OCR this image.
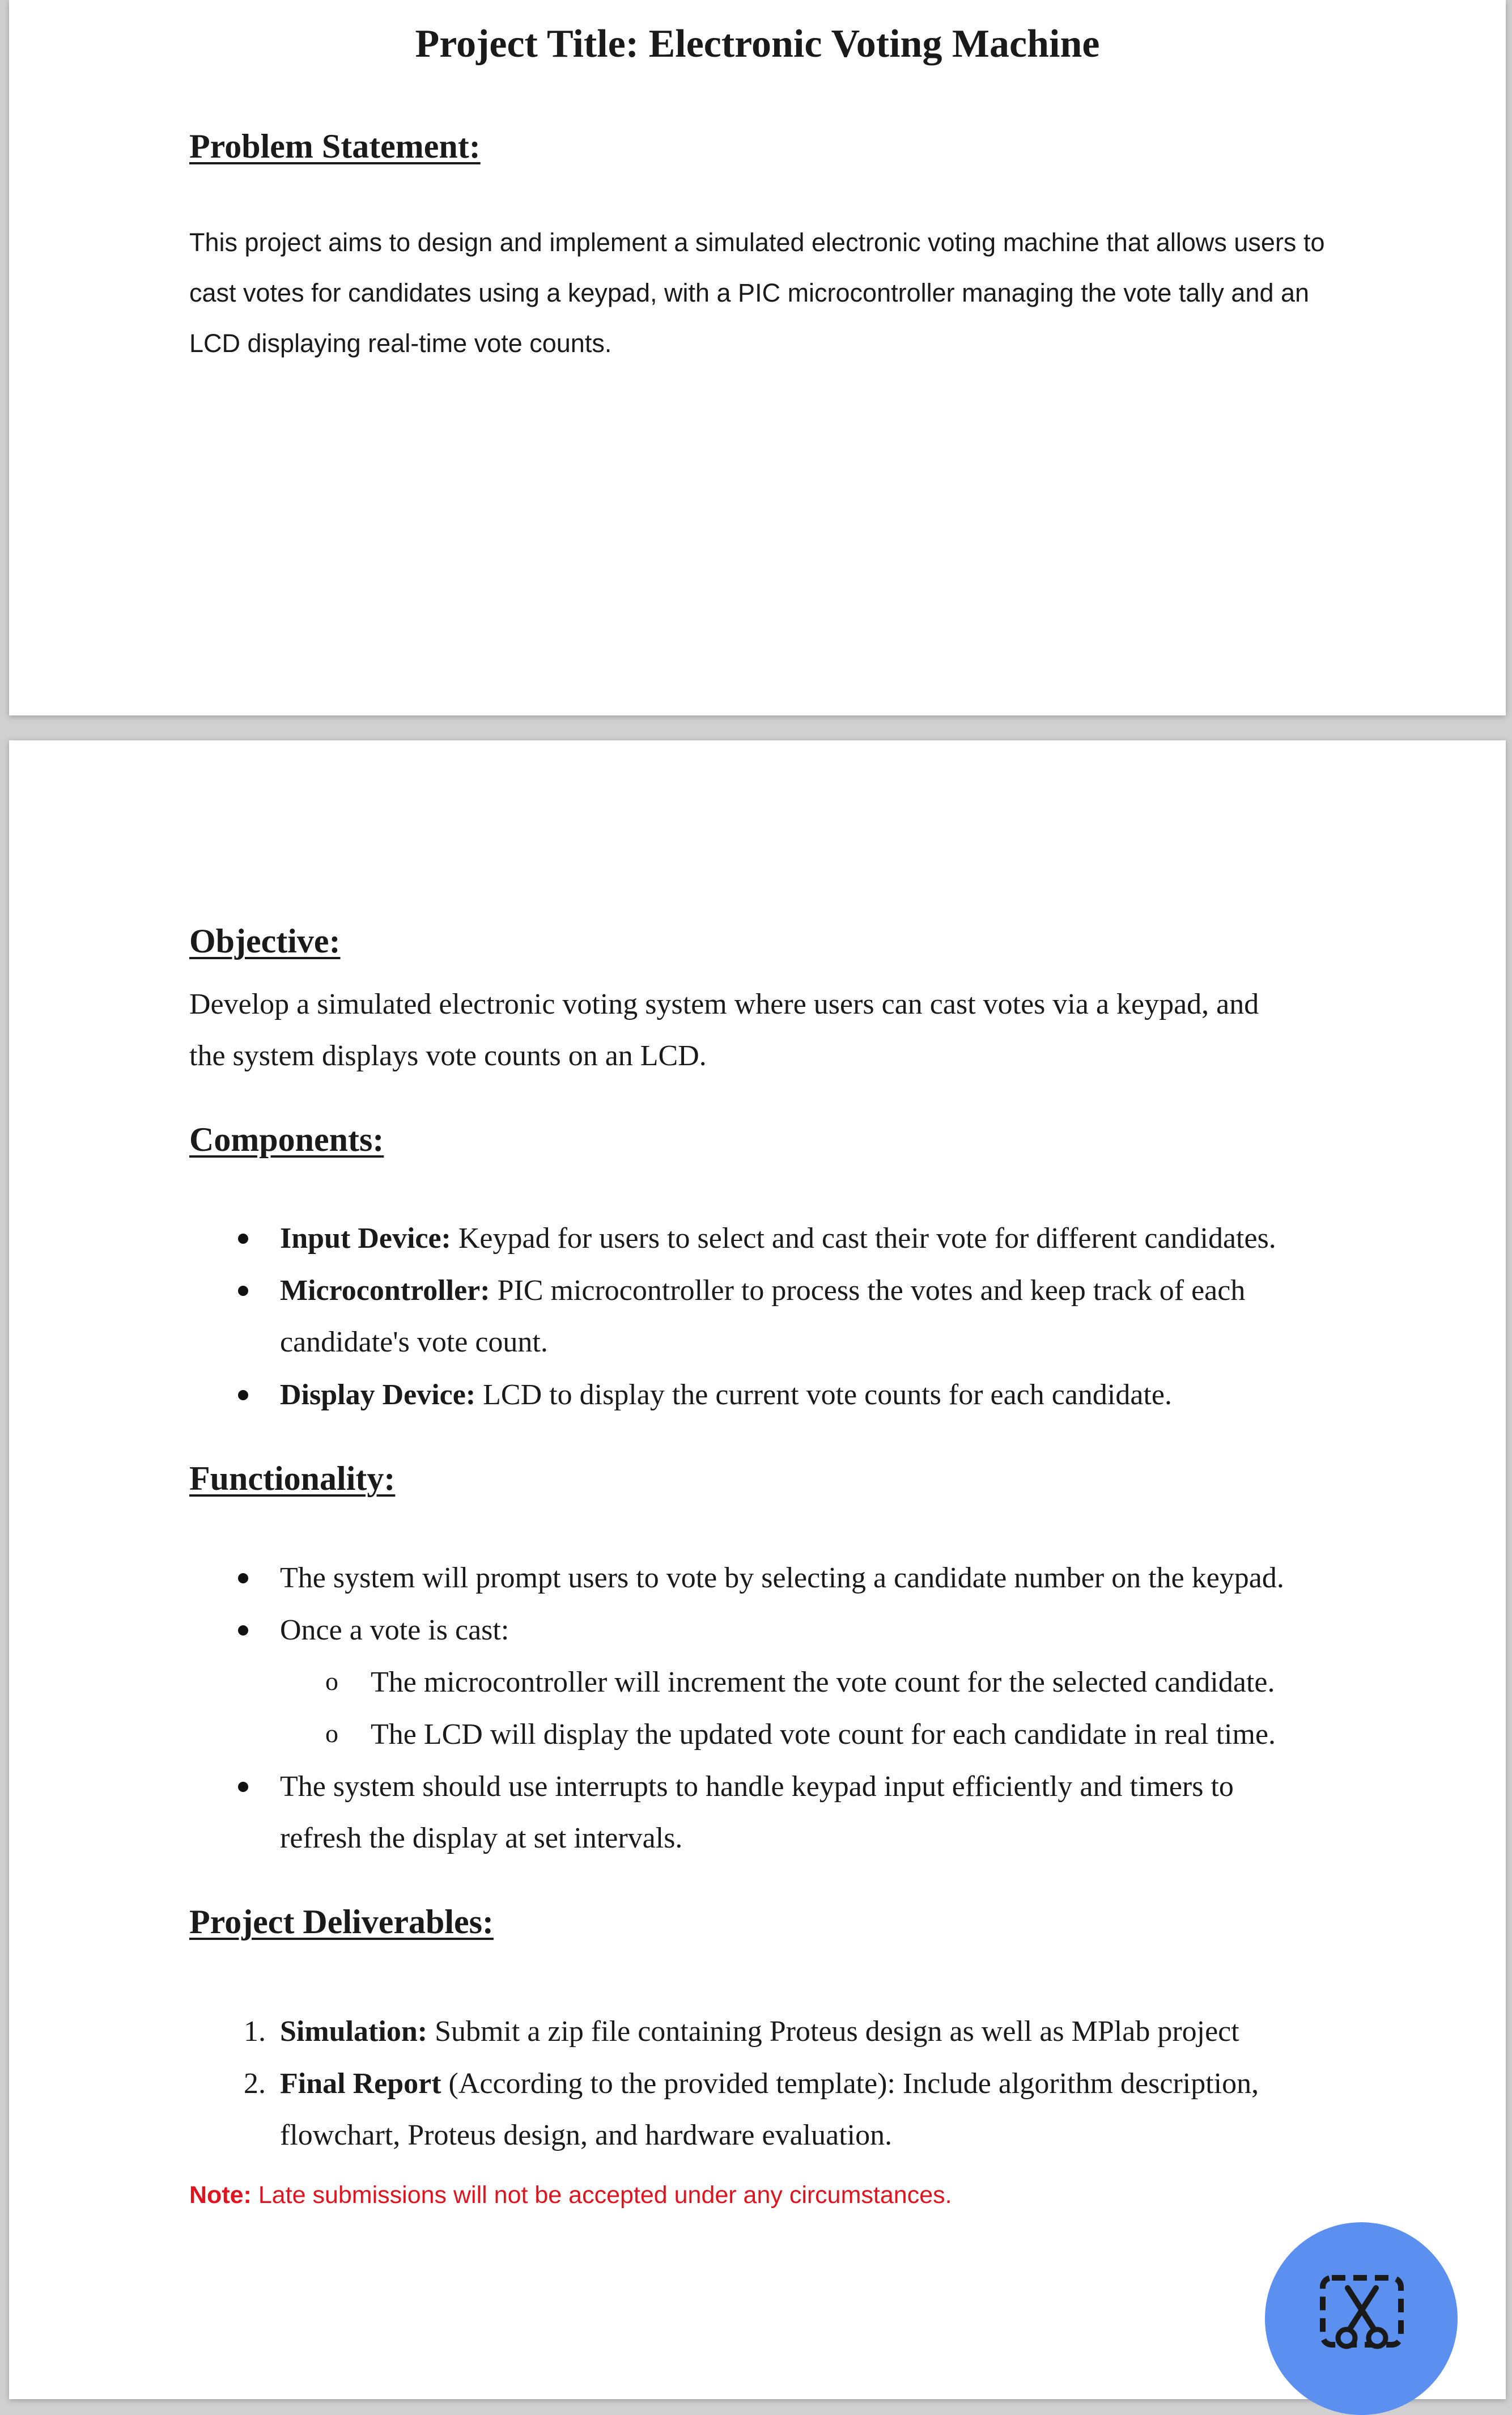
Project Title: Electronic Voting Machine
Problem Statement:
This project aims to design and implement a simulated electronic voting machine that allows users to
cast votes for candidates using a keypad, with a PIC microcontroller managing the vote tally and an
LCD displaying real-time vote counts.
Objective:
Develop a simulated electronic voting system where users can cast votes via a keypad, and
the system displays vote counts on an LCD.
Components:
Input Device: Keypad for users to select and cast their vote for different candidates.
Microcontroller: PIC microcontroller to process the votes and keep track of each
candidate's vote count.
Display Device: LCD to display the current vote counts for each candidate.
Functionality:
The system will prompt users to vote by selecting a candidate number on the keypad.
Once a vote is cast:
o The microcontroller will increment the vote count for the selected candidate.
o The LCD will display the updated vote count for each candidate in real time.
The system should use interrupts to handle keypad input efficiently and timers to
refresh the display at set intervals.
Project Deliverables:
1. Simulation: Submit a zip file containing Proteus design as well as MPlab project
2. Final Report (According to the provided template): Include algorithm description,
flowchart, Proteus design, and hardware evaluation.
Note: Late submissions will not be accepted under any circumstances.
